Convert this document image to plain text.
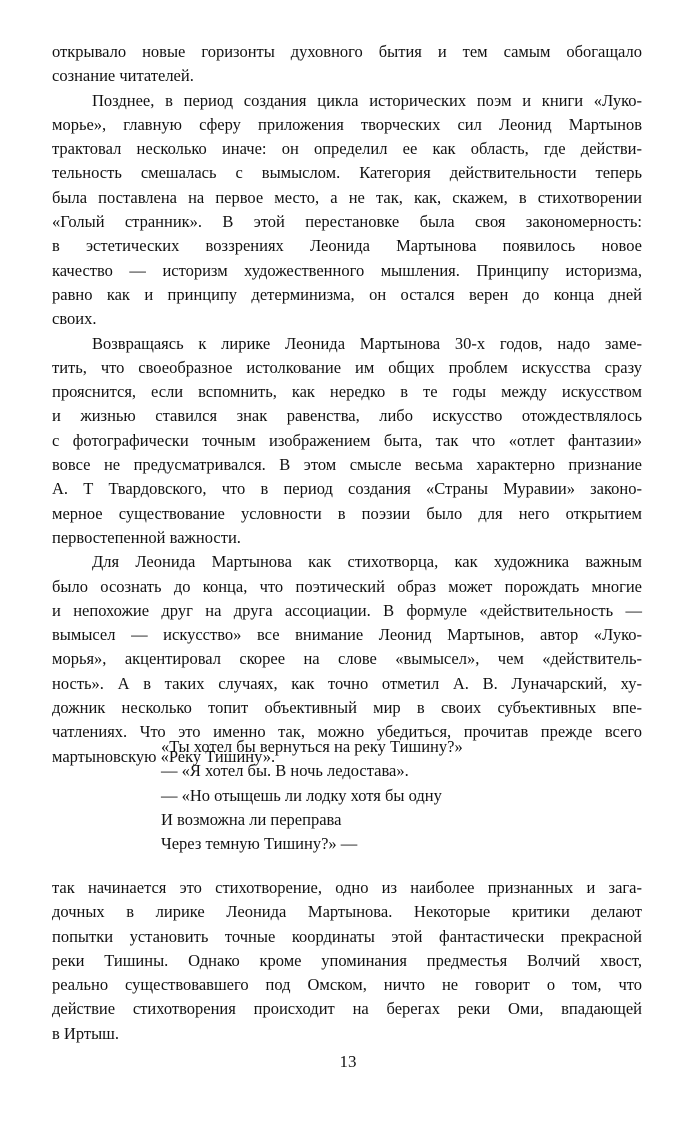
открывало новые горизонты духовного бытия и тем самым обогащало
сознание читателей.
Позднее, в период создания цикла исторических поэм и книги «Луко-
морье», главную сферу приложения творческих сил Леонид Мартынов
трактовал несколько иначе: он определил ее как область, где действи-
тельность смешалась с вымыслом. Категория действительности теперь
была поставлена на первое место, а не так, как, скажем, в стихотворении
«Голый странник». В этой перестановке была своя закономерность:
в эстетических воззрениях Леонида Мартынова появилось новое
качество — историзм художественного мышления. Принципу историзма,
равно как и принципу детерминизма, он остался верен до конца дней
своих.
Возвращаясь к лирике Леонида Мартынова 30-х годов, надо заме-
тить, что своеобразное истолкование им общих проблем искусства сразу
прояснится, если вспомнить, как нередко в те годы между искусством
и жизнью ставился знак равенства, либо искусство отождествлялось
с фотографически точным изображением быта, так что «отлет фантазии»
вовсе не предусматривался. В этом смысле весьма характерно признание
А. Т Твардовского, что в период создания «Страны Муравии» законо-
мерное существование условности в поэзии было для него открытием
первостепенной важности.
Для Леонида Мартынова как стихотворца, как художника важным
было осознать до конца, что поэтический образ может порождать многие
и непохожие друг на друга ассоциации. В формуле «действительность —
вымысел — искусство» все внимание Леонид Мартынов, автор «Луко-
морья», акцентировал скорее на слове «вымысел», чем «действитель-
ность». А в таких случаях, как точно отметил А. В. Луначарский, ху-
дожник несколько топит объективный мир в своих субъективных впе-
чатлениях. Что это именно так, можно убедиться, прочитав прежде всего
мартыновскую «Реку Тишину».
«Ты хотел бы вернуться на реку Тишину?»
— «Я хотел бы. В ночь ледостава».
— «Но отыщешь ли лодку хотя бы одну
И возможна ли переправа
Через темную Тишину?» —
так начинается это стихотворение, одно из наиболее признанных и зага-
дочных в лирике Леонида Мартынова. Некоторые критики делают
попытки установить точные координаты этой фантастически прекрасной
реки Тишины. Однако кроме упоминания предместья Волчий хвост,
реально существовавшего под Омском, ничто не говорит о том, что
действие стихотворения происходит на берегах реки Оми, впадающей
в Иртыш.
13
